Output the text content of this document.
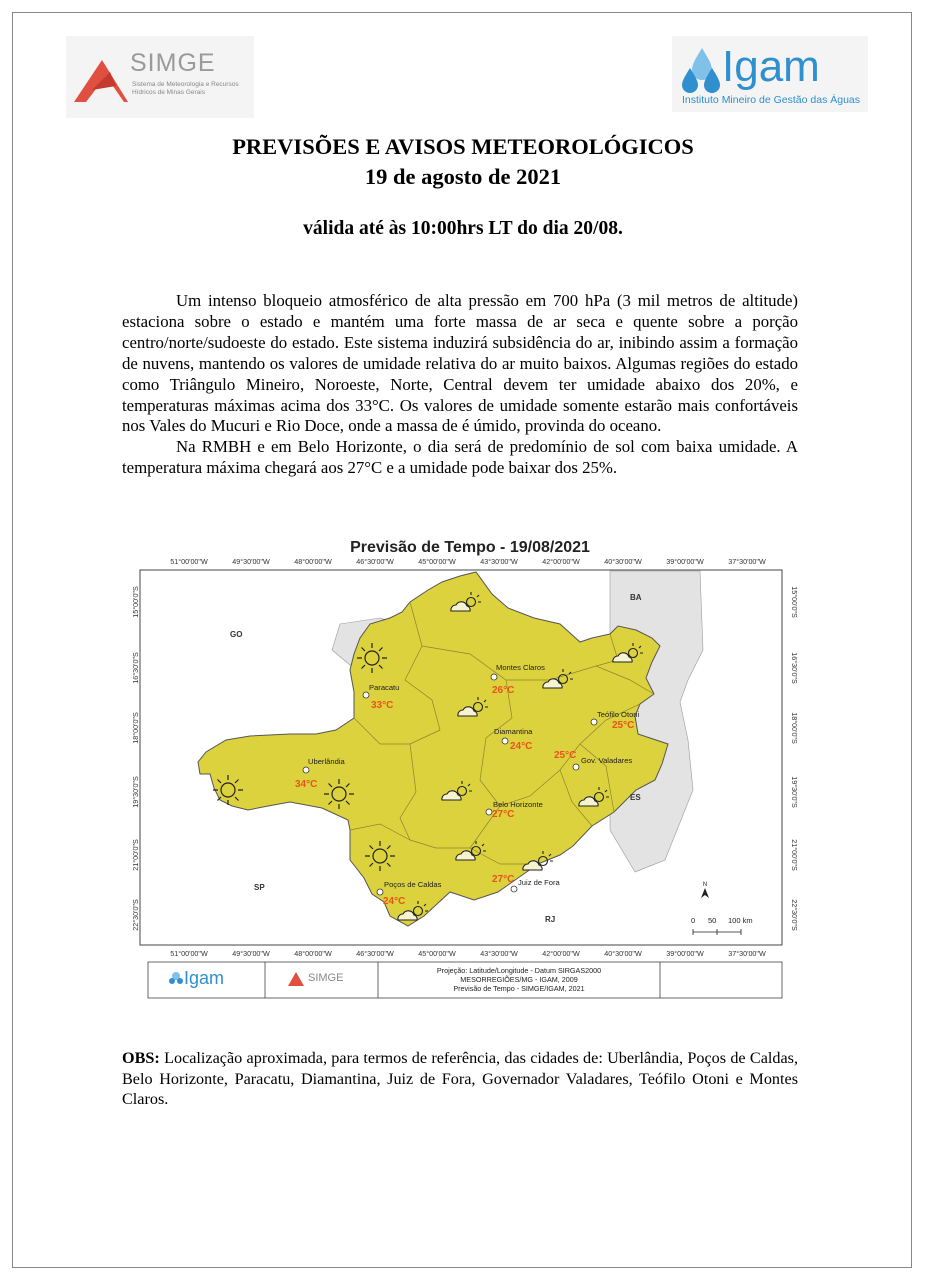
SIMGE
Sistema de Meteorologia e Recursos Hídricos de Minas Gerais
Igam
Instituto Mineiro de Gestão das Águas
PREVISÕES E AVISOS METEOROLÓGICOS
19 de agosto de 2021
válida até às 10:00hrs LT do dia 20/08.

Um intenso bloqueio atmosférico de alta pressão em 700 hPa (3 mil metros de altitude) estaciona sobre o estado e mantém uma forte massa de ar seca e quente sobre a porção centro/norte/sudoeste do estado. Este sistema induzirá subsidência do ar, inibindo assim a formação de nuvens, mantendo os valores de umidade relativa do ar muito baixos. Algumas regiões do estado como Triângulo Mineiro, Noroeste, Norte, Central devem ter umidade abaixo dos 20%, e temperaturas máximas acima dos 33°C. Os valores de umidade somente estarão mais confortáveis nos Vales do Mucuri e Rio Doce, onde a massa de é úmido, provinda do oceano.

Na RMBH e em Belo Horizonte, o dia será de predomínio de sol com baixa umidade. A temperatura máxima chegará aos 27°C e a umidade pode baixar dos 25%.

Previsão de Tempo - 19/08/2021
51°00'00"W	49°30'00"W	48°00'00"W	46°30'00"W	45°00'00"W	43°30'00"W	42°00'00"W	40°30'00"W	39°00'00"W	37°30'00"W
51°00'00"W	49°30'00"W	48°00'00"W	46°30'00"W	45°00'00"W	43°30'00"W	42°00'00"W	40°30'00"W	39°00'00"W	37°30'00"W
15°00'0"S
16°30'0"S
18°00'0"S
19°30'0"S
21°00'0"S
22°30'0"S
15°00'0"S
16°30'0"S
18°00'0"S
19°30'0"S
21°00'0"S
22°30'0"S
GO
BA
ES
SP
RJ
Montes Claros
Paracatu
Diamantina
Teófilo Otoni
Gov. Valadares
Uberlândia
Belo Horizonte
Juiz de Fora
Poços de Caldas
26°C
33°C
24°C
25°C
25°C
34°C
27°C
27°C
24°C
N
0 50 100 km
Igam	SIMGE
Projeção: Latitude/Longitude - Datum SIRGAS2000
MESORREGIÕES/MG - IGAM, 2009
Previsão de Tempo - SIMGE/IGAM, 2021
OBS: Localização aproximada, para termos de referência, das cidades de: Uberlândia, Poços de Caldas, Belo Horizonte, Paracatu, Diamantina, Juiz de Fora, Governador Valadares, Teófilo Otoni e Montes Claros.
